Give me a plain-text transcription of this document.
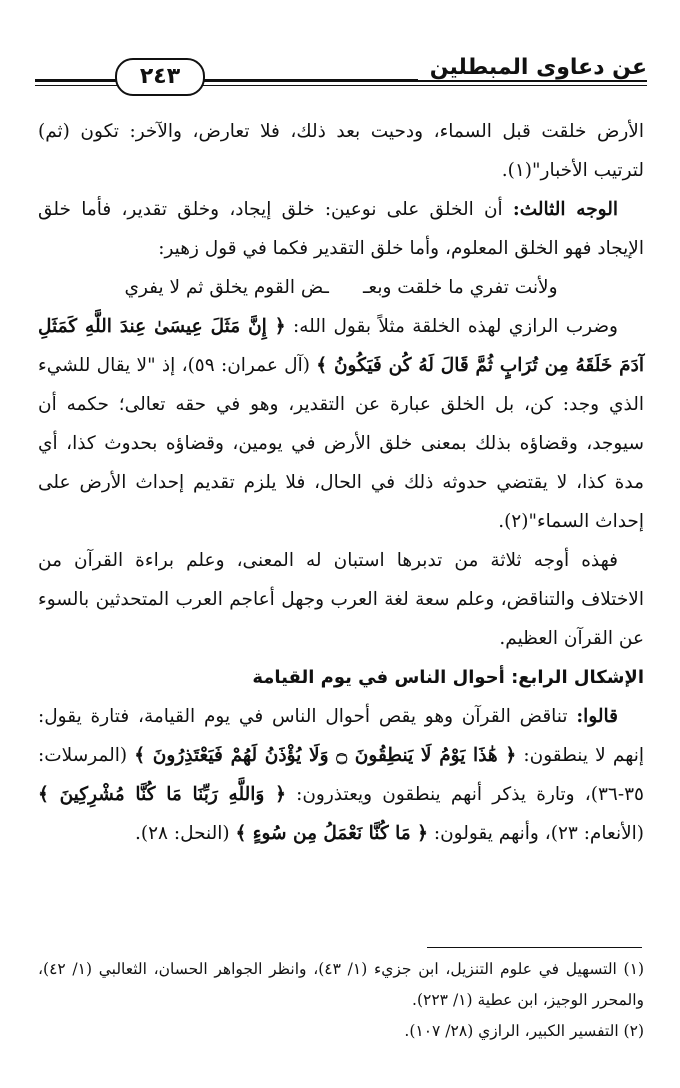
عن دعاوى المبطلين
٢٤٣

الأرض خلقت قبل السماء، ودحيت بعد ذلك، فلا تعارض، والآخر: تكون (ثم) لترتيب الأخبار"(١).

الوجه الثالث: أن الخلق على نوعين: خلق إيجاد، وخلق تقدير، فأما خلق الإيجاد فهو الخلق المعلوم، وأما خلق التقدير فكما في قول زهير:

ولأنت تفري ما خلقت وبعـ
ـض القوم يخلق ثم لا يفري

وضرب الرازي لهذه الخلقة مثلاً بقول الله: ﴿ إِنَّ مَثَلَ عِيسَىٰ عِندَ اللَّهِ كَمَثَلِ آدَمَ خَلَقَهُ مِن تُرَابٍ ثُمَّ قَالَ لَهُ كُن فَيَكُونُ ﴾ (آل عمران: ٥٩)، إذ "لا يقال للشيء الذي وجد: كن، بل الخلق عبارة عن التقدير، وهو في حقه تعالى؛ حكمه أن سيوجد، وقضاؤه بذلك بمعنى خلق الأرض في يومين، وقضاؤه بحدوث كذا، أي مدة كذا، لا يقتضي حدوثه ذلك في الحال، فلا يلزم تقديم إحداث الأرض على إحداث السماء"(٢).

فهذه أوجه ثلاثة من تدبرها استبان له المعنى، وعلم براءة القرآن من الاختلاف والتناقض، وعلم سعة لغة العرب وجهل أعاجم العرب المتحدثين بالسوء عن القرآن العظيم.

الإشكال الرابع: أحوال الناس في يوم القيامة

قالوا: تناقض القرآن وهو يقص أحوال الناس في يوم القيامة، فتارة يقول: إنهم لا ينطقون: ﴿ هَٰذَا يَوْمُ لَا يَنطِقُونَ ۝ وَلَا يُؤْذَنُ لَهُمْ فَيَعْتَذِرُونَ ﴾ (المرسلات: ٣٥-٣٦)، وتارة يذكر أنهم ينطقون ويعتذرون: ﴿ وَاللَّهِ رَبِّنَا مَا كُنَّا مُشْرِكِينَ ﴾ (الأنعام: ٢٣)، وأنهم يقولون: ﴿ مَا كُنَّا نَعْمَلُ مِن سُوءٍ ﴾ (النحل: ٢٨).

(١) التسهيل في علوم التنزيل، ابن جزيء (١/ ٤٣)، وانظر الجواهر الحسان، الثعالبي (١/ ٤٢)، والمحرر الوجيز، ابن عطية (١/ ٢٢٣).

(٢) التفسير الكبير، الرازي (٢٨/ ١٠٧).
